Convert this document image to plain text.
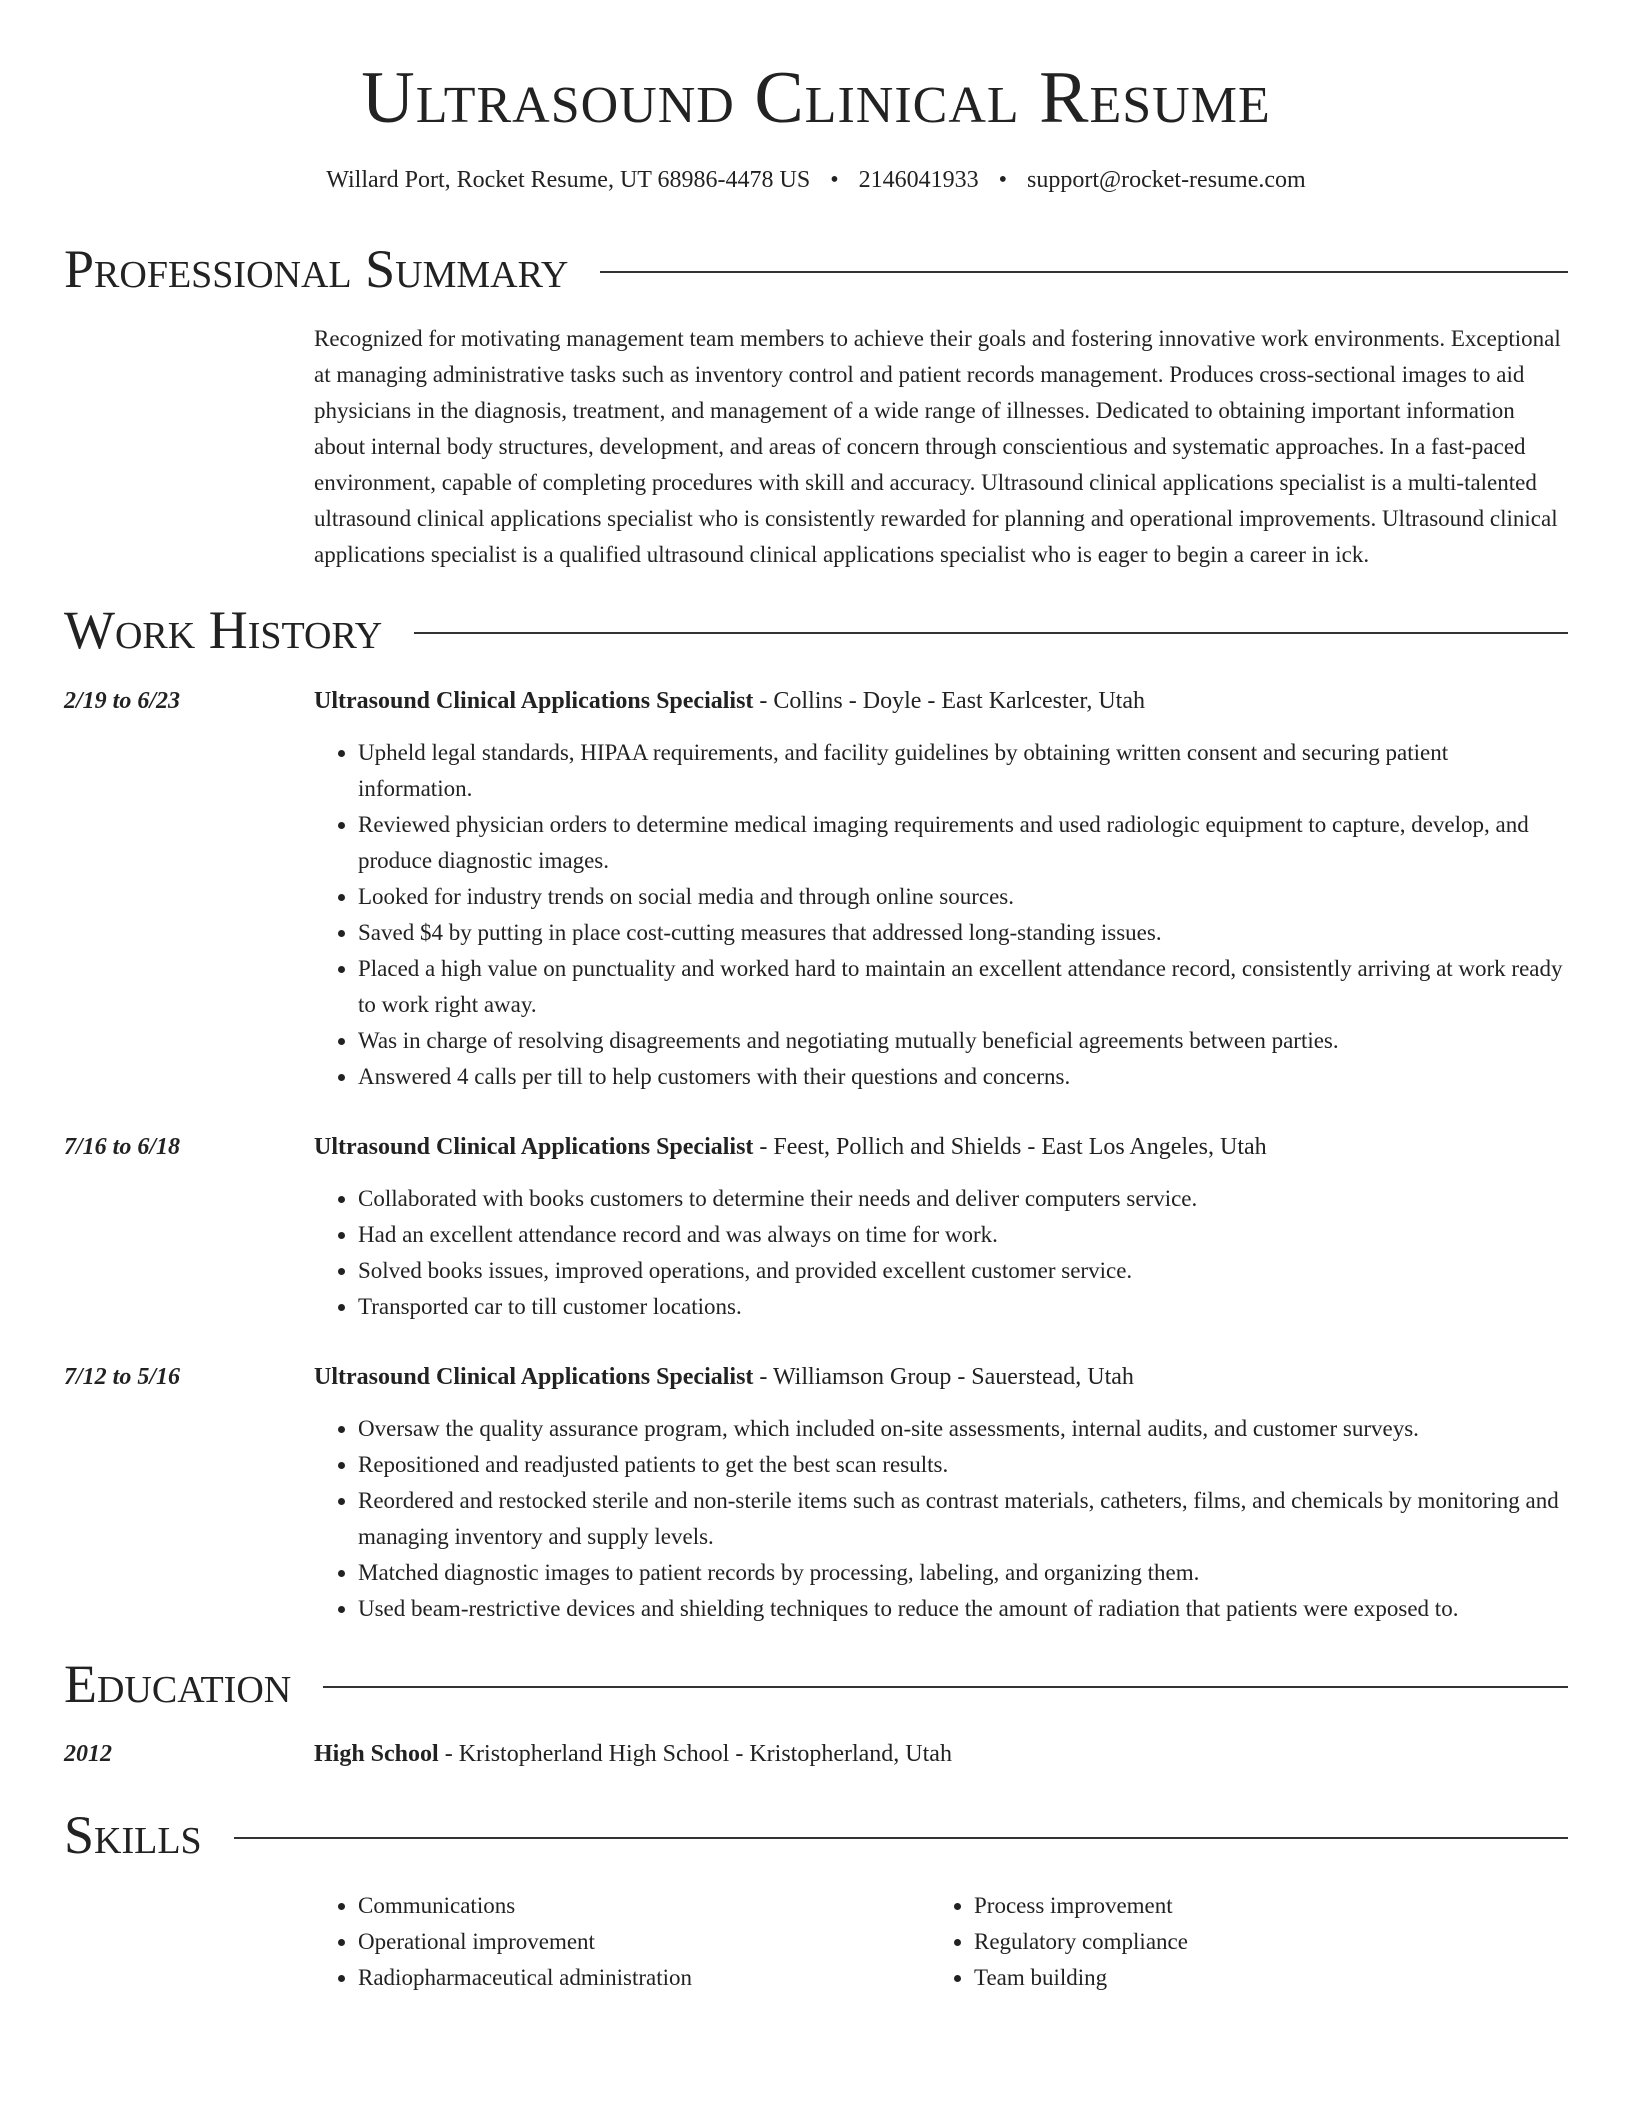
Ultrasound Clinical Resume
Willard Port, Rocket Resume, UT 68986-4478 US • 2146041933 • support@rocket-resume.com
Professional Summary

Recognized for motivating management team members to achieve their goals and fostering innovative work environments. Exceptional at managing administrative tasks such as inventory control and patient records management. Produces cross-sectional images to aid physicians in the diagnosis, treatment, and management of a wide range of illnesses. Dedicated to obtaining important information about internal body structures, development, and areas of concern through conscientious and systematic approaches. In a fast-paced environment, capable of completing procedures with skill and accuracy. Ultrasound clinical applications specialist is a multi-talented ultrasound clinical applications specialist who is consistently rewarded for planning and operational improvements. Ultrasound clinical applications specialist is a qualified ultrasound clinical applications specialist who is eager to begin a career in ick.

Work History
2/19 to 6/23	Ultrasound Clinical Applications Specialist - Collins - Doyle - East Karlcester, Utah
• Upheld legal standards, HIPAA requirements, and facility guidelines by obtaining written consent and securing patient information.
• Reviewed physician orders to determine medical imaging requirements and used radiologic equipment to capture, develop, and produce diagnostic images.
• Looked for industry trends on social media and through online sources.
• Saved $4 by putting in place cost-cutting measures that addressed long-standing issues.
• Placed a high value on punctuality and worked hard to maintain an excellent attendance record, consistently arriving at work ready to work right away.
• Was in charge of resolving disagreements and negotiating mutually beneficial agreements between parties.
• Answered 4 calls per till to help customers with their questions and concerns.
7/16 to 6/18	Ultrasound Clinical Applications Specialist - Feest, Pollich and Shields - East Los Angeles, Utah
• Collaborated with books customers to determine their needs and deliver computers service.
• Had an excellent attendance record and was always on time for work.
• Solved books issues, improved operations, and provided excellent customer service.
• Transported car to till customer locations.
7/12 to 5/16	Ultrasound Clinical Applications Specialist - Williamson Group - Sauerstead, Utah
• Oversaw the quality assurance program, which included on-site assessments, internal audits, and customer surveys.
• Repositioned and readjusted patients to get the best scan results.
• Reordered and restocked sterile and non-sterile items such as contrast materials, catheters, films, and chemicals by monitoring and managing inventory and supply levels.
• Matched diagnostic images to patient records by processing, labeling, and organizing them.
• Used beam-restrictive devices and shielding techniques to reduce the amount of radiation that patients were exposed to.
Education
2012	High School - Kristopherland High School - Kristopherland, Utah
Skills
• Communications
• Operational improvement
• Radiopharmaceutical administration
• Process improvement
• Regulatory compliance
• Team building
